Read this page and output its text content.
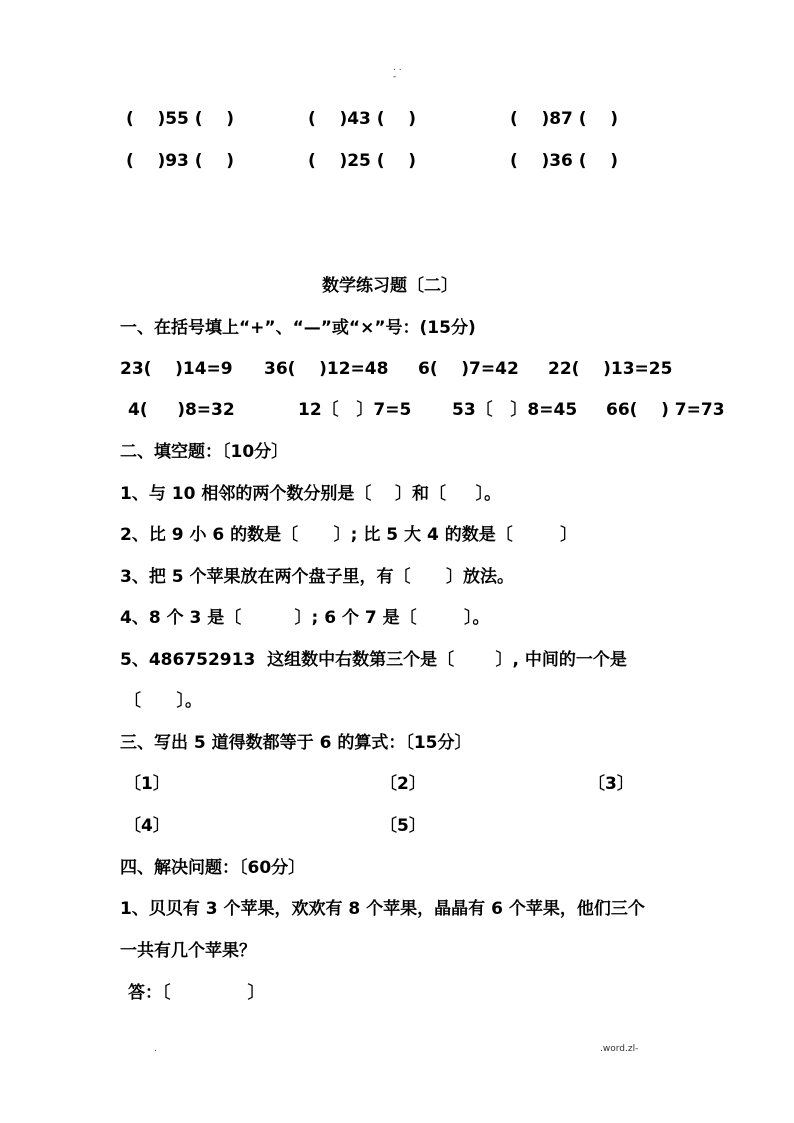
. .
-
(    )55 (    )	(    )43 (    )	(    )87 (    )
(    )93 (    )	(    )25 (    )	(    )36 (    )
数学练习题〔二〕
一、在括号填上“+”、“—”或“×”号：(15分)
23(    )14=9 36(    )12=48 6(    )7=42 22(    )13=25
4(     )8=32	12〔   〕7=5 53〔   〕8=45 66(    ) 7=73
二、填空题：〔10分〕
1、与 10 相邻的两个数分别是〔    〕和〔     〕。
2、比 9 小 6 的数是〔      〕; 比 5 大 4 的数是〔        〕
3、把 5 个苹果放在两个盘子里，有〔      〕放法。
4、8 个 3 是〔         〕; 6 个 7 是〔        〕。
5、486752913  这组数中右数第三个是〔       〕, 中间的一个是
〔      〕。
三、写出 5 道得数都等于 6 的算式：〔15分〕
〔1〕	〔2〕	〔3〕
〔4〕	〔5〕
四、解决问题：〔60分〕
1、贝贝有 3 个苹果，欢欢有 8 个苹果，晶晶有 6 个苹果，他们三个
一共有几个苹果？
答：〔             〕
.	.word.zl-
